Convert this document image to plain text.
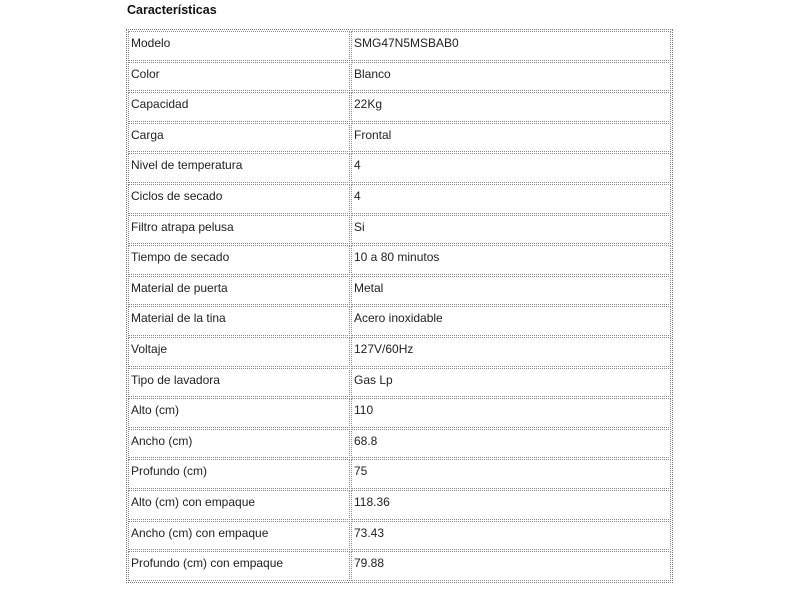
Características
Modelo	SMG47N5MSBAB0

Color	Blanco

Capacidad	22Kg

Carga	Frontal

Nivel de temperatura	4

Ciclos de secado	4

Filtro atrapa pelusa	Si

Tiempo de secado	10 a 80 minutos

Material de puerta	Metal

Material de la tina	Acero inoxidable

Voltaje	127V/60Hz

Tipo de lavadora	Gas Lp

Alto (cm)	110

Ancho (cm)	68.8

Profundo (cm)	75

Alto (cm) con empaque	118.36

Ancho (cm) con empaque	73.43

Profundo (cm) con empaque	79.88
